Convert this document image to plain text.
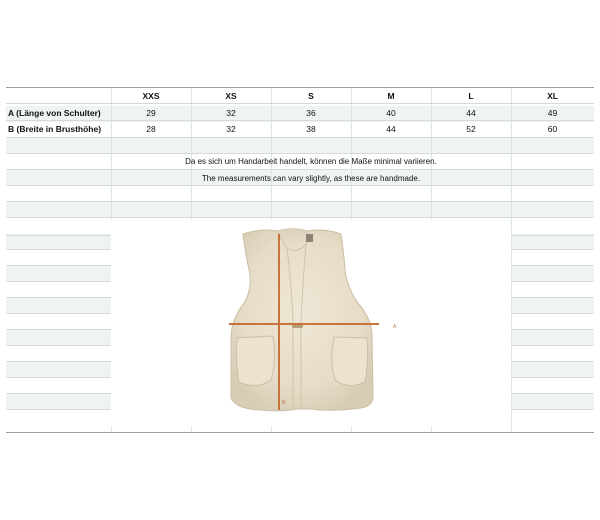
XXS	XS	S	M	L	XL
A (Länge von Schulter)	29	32	36	40	44	49
B (Breite in Brusthöhe)	28	32	38	44	52	60
Da es sich um Handarbeit handelt, können die Maße minimal variieren.
The measurements can vary slightly, as these are handmade.
A
B
